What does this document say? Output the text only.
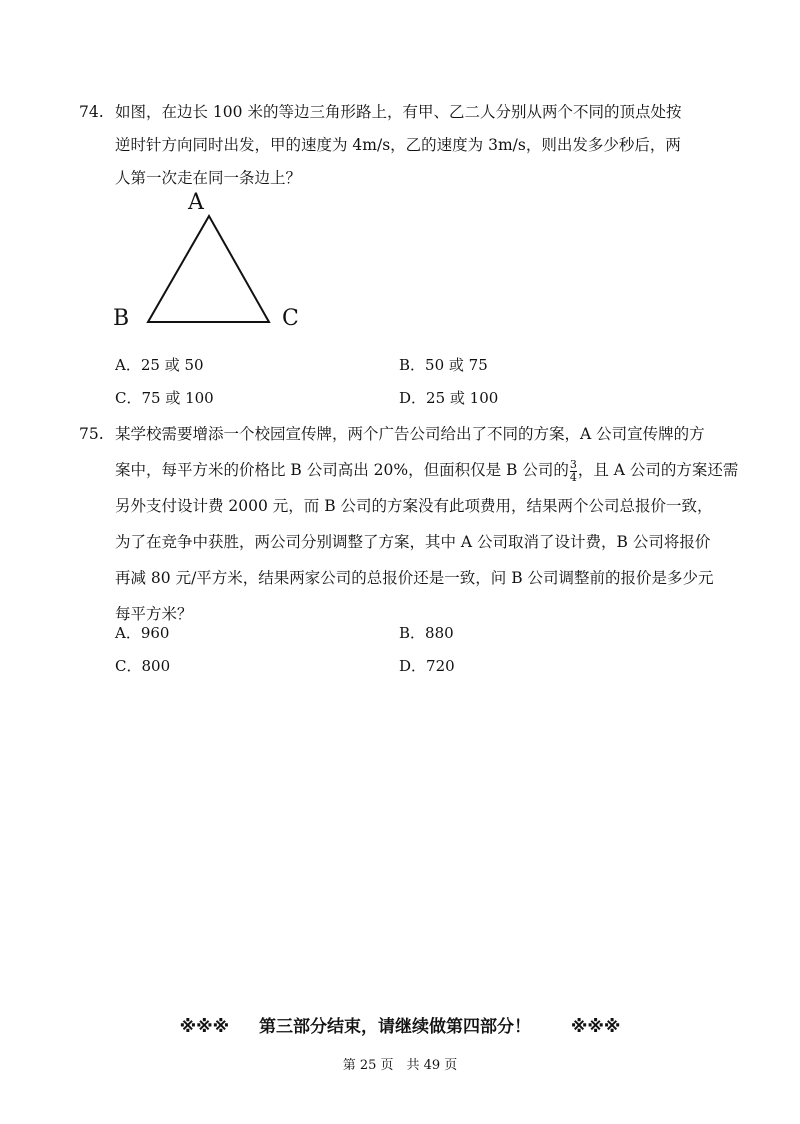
74. 如图，在边长 100 米的等边三角形路上，有甲、乙二人分别从两个不同的顶点处按
逆时针方向同时出发，甲的速度为 4m/s，乙的速度为 3m/s，则出发多少秒后，两
人第一次走在同一条边上？
A
B	C
A．25 或 50	B．50 或 75
C．75 或 100	D．25 或 100
75. 某学校需要增添一个校园宣传牌，两个广告公司给出了不同的方案，A 公司宣传牌的方
案中，每平方米的价格比 B 公司高出 20%，但面积仅是 B 公司的 $\frac{3}{4}$ ，且 A 公司的方案还需
另外支付设计费 2000 元，而 B 公司的方案没有此项费用，结果两个公司总报价一致，
为了在竞争中获胜，两公司分别调整了方案，其中 A 公司取消了设计费，B 公司将报价
再减 80 元/平方米，结果两家公司的总报价还是一致，问 B 公司调整前的报价是多少元
每平方米？
A．960	B．880
C．800	D．720
※※※ 第三部分结束，请继续做第四部分！ ※※※
第 25 页　共 49 页
